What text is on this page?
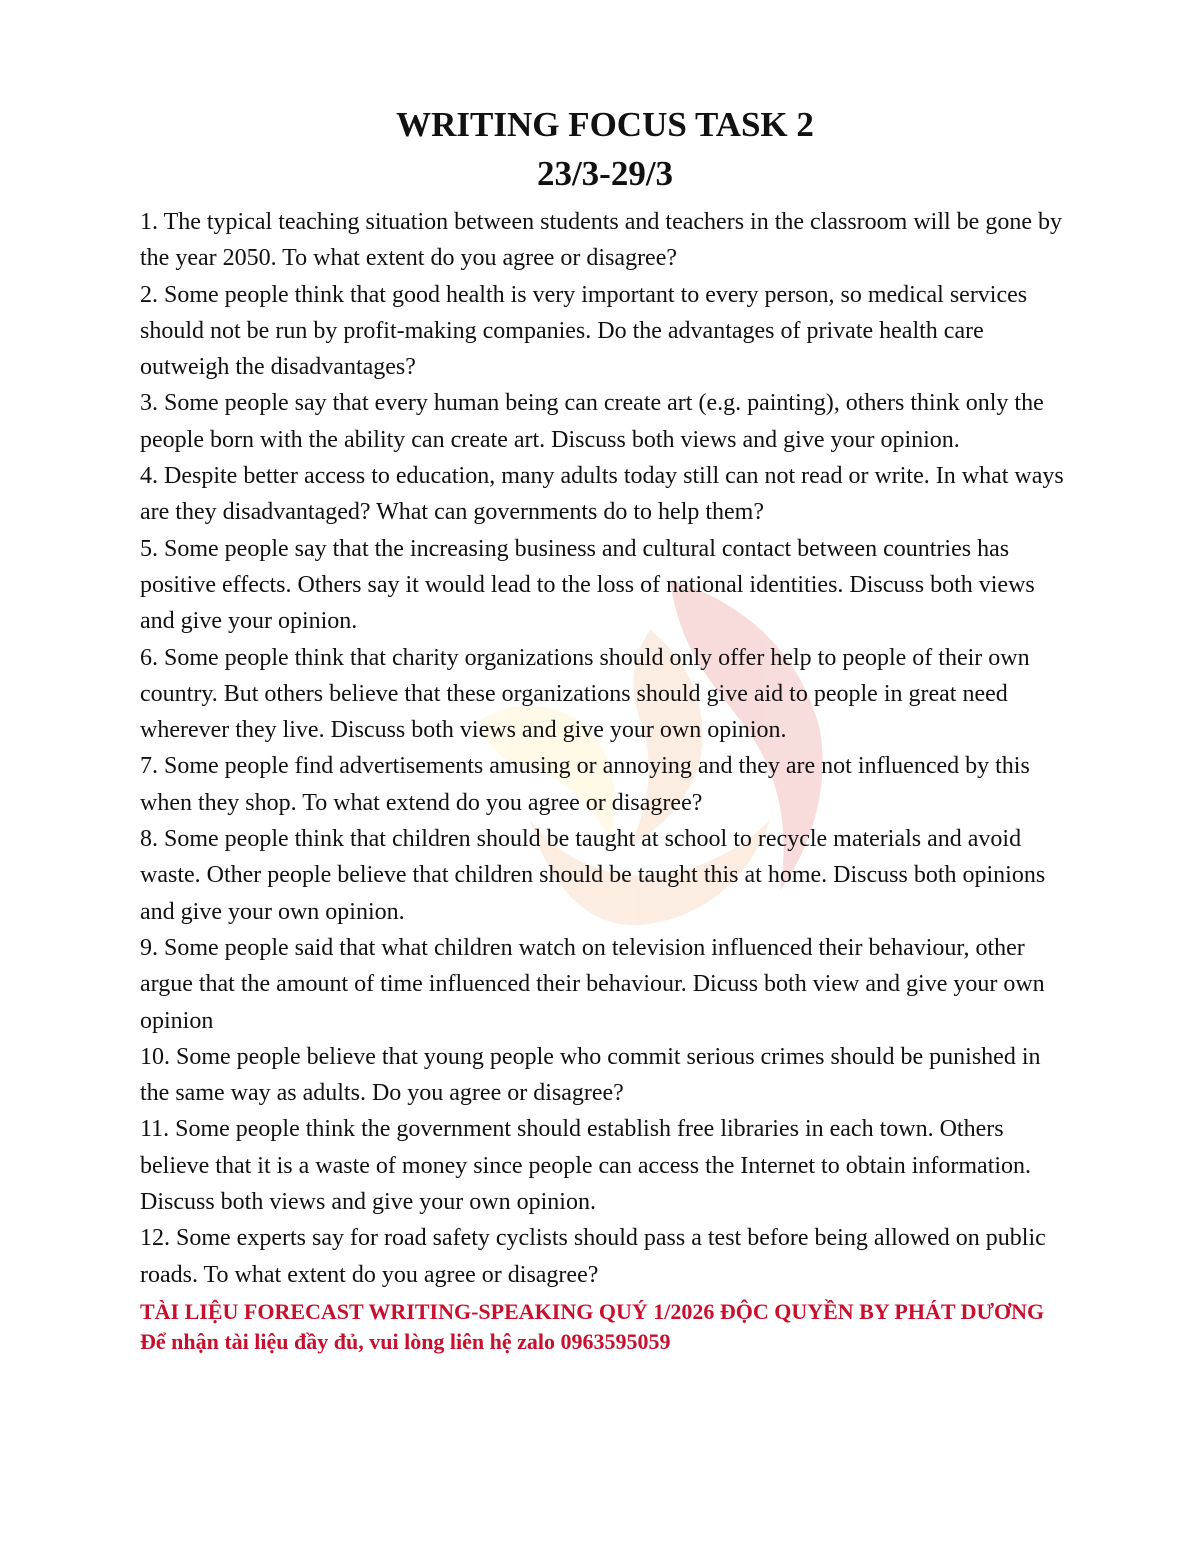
WRITING FOCUS TASK 2
23/3-29/3
1. The typical teaching situation between students and teachers in the classroom will be gone by the year 2050. To what extent do you agree or disagree?
2. Some people think that good health is very important to every person, so medical services should not be run by profit-making companies. Do the advantages of private health care outweigh the disadvantages?
3. Some people say that every human being can create art (e.g. painting), others think only the people born with the ability can create art. Discuss both views and give your opinion.
4. Despite better access to education, many adults today still can not read or write. In what ways are they disadvantaged? What can governments do to help them?
5. Some people say that the increasing business and cultural contact between countries has positive effects. Others say it would lead to the loss of national identities. Discuss both views and give your opinion.
6. Some people think that charity organizations should only offer help to people of their own country. But others believe that these organizations should give aid to people in great need wherever they live. Discuss both views and give your own opinion.
7. Some people find advertisements amusing or annoying and they are not influenced by this when they shop. To what extend do you agree or disagree?
8. Some people think that children should be taught at school to recycle materials and avoid waste. Other people believe that children should be taught this at home. Discuss both opinions and give your own opinion.
9. Some people said that what children watch on television influenced their behaviour, other argue that the amount of time influenced their behaviour. Dicuss both view and give your own opinion
10. Some people believe that young people who commit serious crimes should be punished in the same way as adults. Do you agree or disagree?
11. Some people think the government should establish free libraries in each town. Others believe that it is a waste of money since people can access the Internet to obtain information. Discuss both views and give your own opinion.
12. Some experts say for road safety cyclists should pass a test before being allowed on public roads. To what extent do you agree or disagree?

TÀI LIỆU FORECAST WRITING-SPEAKING QUÝ 1/2026 ĐỘC QUYỀN BY PHÁT DƯƠNG

Để nhận tài liệu đầy đủ, vui lòng liên hệ zalo 0963595059
